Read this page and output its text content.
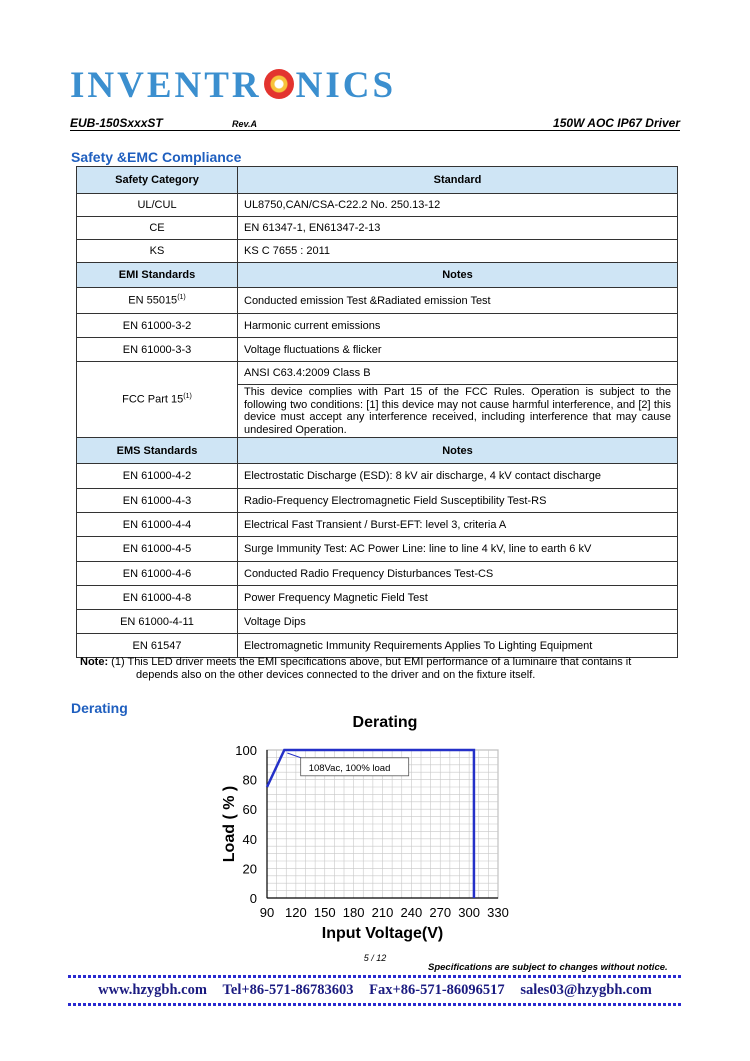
INVENTR NICS
EUB-150SxxxST	Rev.A	150W AOC IP67 Driver
Safety &EMC Compliance
Safety Category	Standard
UL/CUL	UL8750,CAN/CSA-C22.2 No. 250.13-12
CE	EN 61347-1, EN61347-2-13
KS	KS C 7655 : 2011
EMI Standards	Notes
EN 55015$^{(1)}$	Conducted emission Test &Radiated emission Test
EN 61000-3-2	Harmonic current emissions
EN 61000-3-3	Voltage fluctuations & flicker
FCC Part 15$^{(1)}$	ANSI C63.4:2009 Class B
This device complies with Part 15 of the FCC Rules. Operation is subject to the following two conditions: [1] this device may not cause harmful interference, and [2] this device must accept any interference received, including interference that may cause undesired Operation.

EMS Standards	Notes
EN 61000-4-2	Electrostatic Discharge (ESD): 8 kV air discharge, 4 kV contact discharge
EN 61000-4-3	Radio-Frequency Electromagnetic Field Susceptibility Test-RS
EN 61000-4-4	Electrical Fast Transient / Burst-EFT: level 3, criteria A
EN 61000-4-5	Surge Immunity Test: AC Power Line: line to line 4 kV, line to earth 6 kV
EN 61000-4-6	Conducted Radio Frequency Disturbances Test-CS
EN 61000-4-8	Power Frequency Magnetic Field Test
EN 61000-4-11	Voltage Dips
EN 61547	Electromagnetic Immunity Requirements Applies To Lighting Equipment
Note: (1) This LED driver meets the EMI specifications above, but EMI performance of a luminaire that contains it
depends also on the other devices connected to the driver and on the fixture itself.
Derating
Derating
90 120 150 180 210 240 270 300 330
0
20
40
60
80
100
108Vac, 100% load
Input Voltage(V)
Load ( % )
5 / 12
Specifications are subject to changes without notice.
www.hzygbh.com Tel+86-571-86783603 Fax+86-571-86096517 sales03@hzygbh.com
